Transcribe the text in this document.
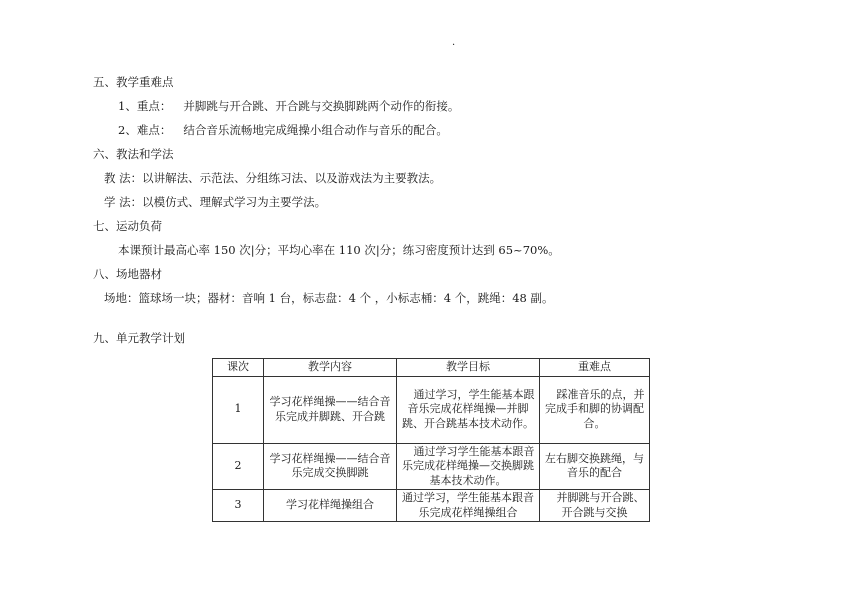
.
五、教学重难点
1、重点： 并脚跳与开合跳、开合跳与交换脚跳两个动作的衔接。
2、难点： 结合音乐流畅地完成绳操小组合动作与音乐的配合。
六、教法和学法
教 法：以讲解法、示范法、分组练习法、以及游戏法为主要教法。
学 法：以模仿式、理解式学习为主要学法。
七、运动负荷
本课预计最高心率 150 次|分；平均心率在 110 次|分；练习密度预计达到 65~70%。
八、场地器材
场地：篮球场一块；器材：音响 1 台，标志盘：4 个 ，小标志桶：4 个，跳绳：48 副。
九、单元教学计划
课次	教学内容	教学目标	重难点
1	学习花样绳操——结合音乐完成并脚跳、开合跳	通过学习，学生能基本跟音乐完成花样绳操—并脚跳、开合跳基本技术动作。	踩准音乐的点，并完成手和脚的协调配合。
2	学习花样绳操——结合音乐完成交换脚跳	通过学习学生能基本跟音乐完成花样绳操—交换脚跳基本技术动作。	左右脚交换跳绳，与音乐的配合
3	学习花样绳操组合	通过学习，学生能基本跟音乐完成花样绳操组合	并脚跳与开合跳、开合跳与交换
